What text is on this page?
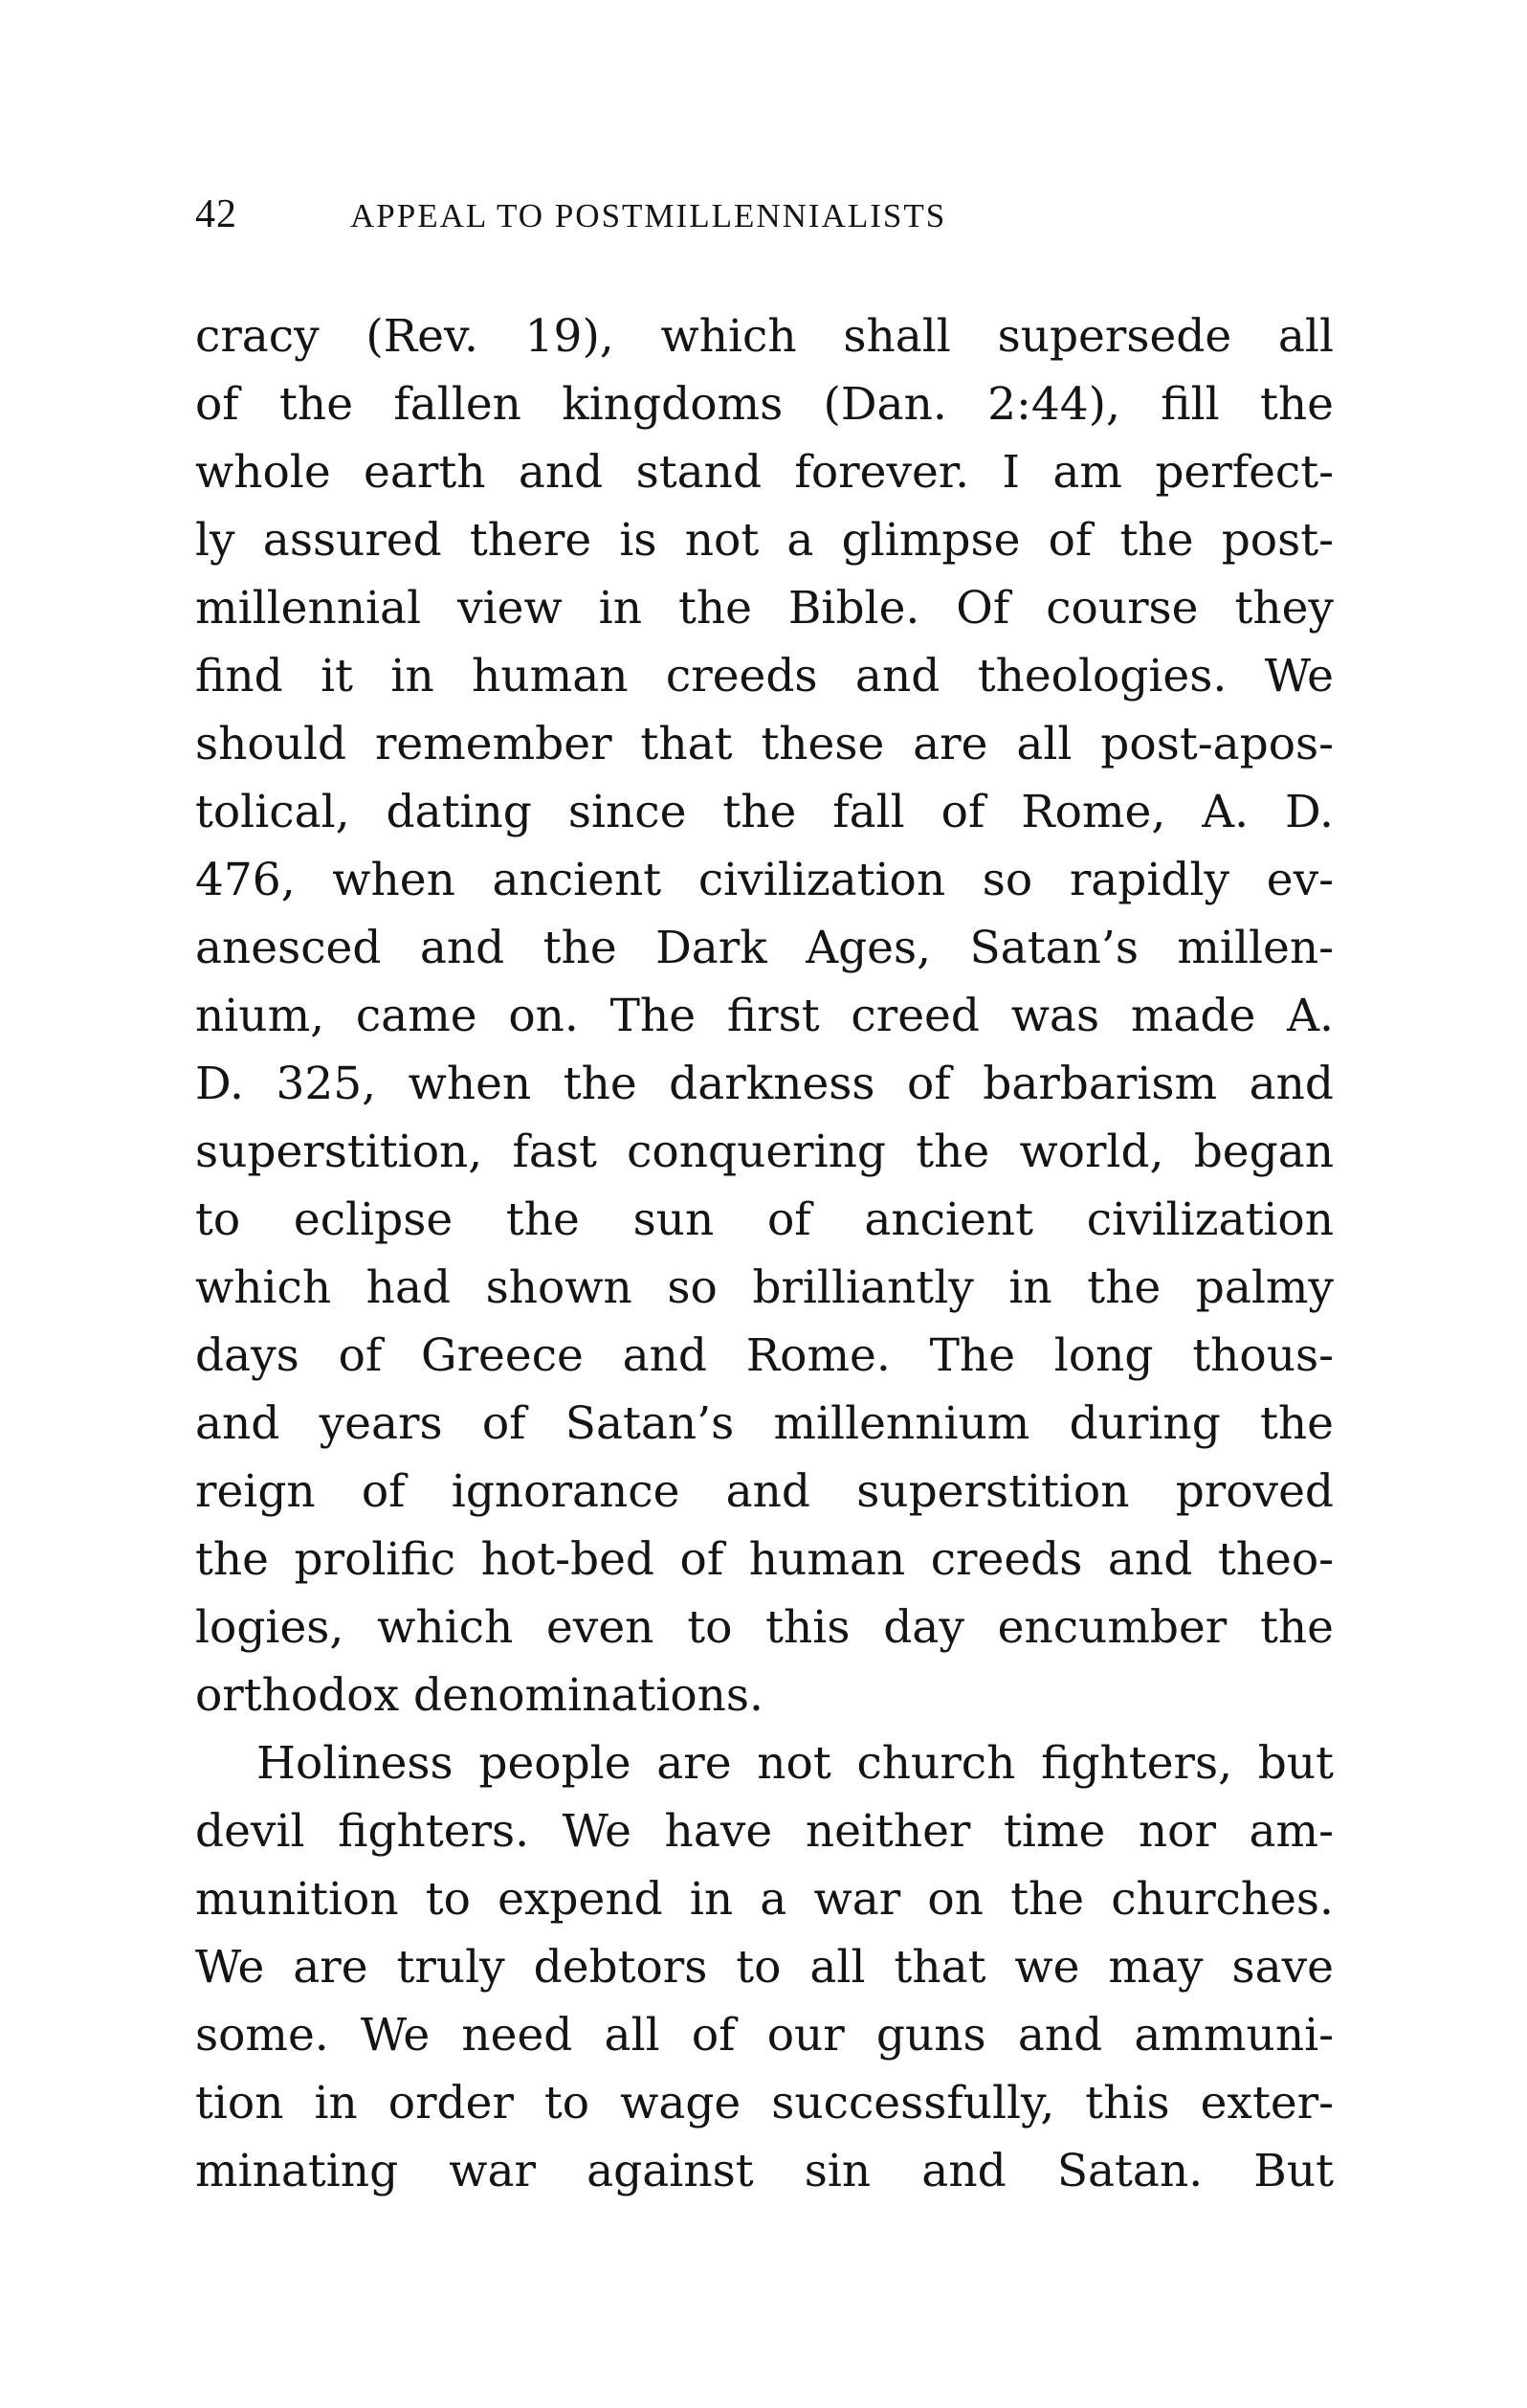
42	APPEAL TO POSTMILLENNIALISTS
cracy (Rev. 19), which shall supersede all
of the fallen kingdoms (Dan. 2:44), fill the
whole earth and stand forever. I am perfect-
ly assured there is not a glimpse of the post-
millennial view in the Bible. Of course they
find it in human creeds and theologies. We
should remember that these are all post-apos-
tolical, dating since the fall of Rome, A. D.
476, when ancient civilization so rapidly ev-
anesced and the Dark Ages, Satan’s millen-
nium, came on. The first creed was made A.
D. 325, when the darkness of barbarism and
superstition, fast conquering the world, began
to eclipse the sun of ancient civilization
which had shown so brilliantly in the palmy
days of Greece and Rome. The long thous-
and years of Satan’s millennium during the
reign of ignorance and superstition proved
the prolific hot-bed of human creeds and theo-
logies, which even to this day encumber the
orthodox denominations.
Holiness people are not church fighters, but
devil fighters. We have neither time nor am-
munition to expend in a war on the churches.
We are truly debtors to all that we may save
some. We need all of our guns and ammuni-
tion in order to wage successfully, this exter-
minating war against sin and Satan. But
